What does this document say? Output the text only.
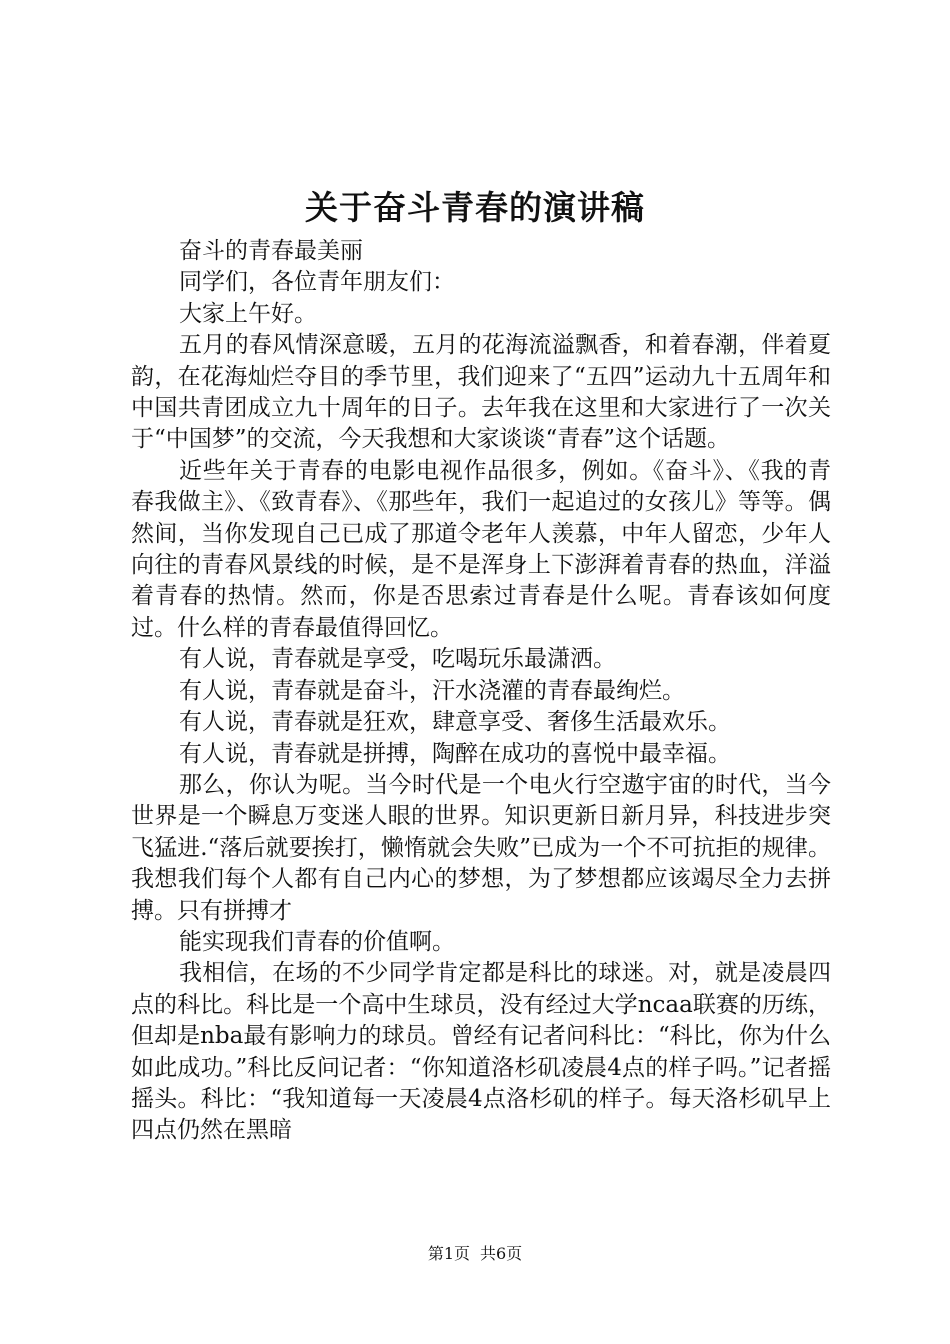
关于奋斗青春的演讲稿

奋斗的青春最美丽

同学们，各位青年朋友们：

大家上午好。

五月的春风情深意暖，五月的花海流溢飘香，和着春潮，伴着夏韵，在花海灿烂夺目的季节里，我们迎来了“五四”运动九十五周年和中国共青团成立九十周年的日子。去年我在这里和大家进行了一次关于“中国梦”的交流，今天我想和大家谈谈“青春”这个话题。

近些年关于青春的电影电视作品很多，例如。《奋斗》、《我的青春我做主》、《致青春》、《那些年，我们一起追过的女孩儿》等等。偶然间，当你发现自己已成了那道令老年人羡慕，中年人留恋，少年人向往的青春风景线的时候，是不是浑身上下澎湃着青春的热血，洋溢着青春的热情。然而，你是否思索过青春是什么呢。青春该如何度过。什么样的青春最值得回忆。

有人说，青春就是享受，吃喝玩乐最潇洒。

有人说，青春就是奋斗，汗水浇灌的青春最绚烂。

有人说，青春就是狂欢，肆意享受、奢侈生活最欢乐。

有人说，青春就是拼搏，陶醉在成功的喜悦中最幸福。

那么，你认为呢。当今时代是一个电火行空遨宇宙的时代，当今世界是一个瞬息万变迷人眼的世界。知识更新日新月异，科技进步突飞猛进.“落后就要挨打，懒惰就会失败”已成为一个不可抗拒的规律。我想我们每个人都有自己内心的梦想，为了梦想都应该竭尽全力去拼搏。只有拼搏才

能实现我们青春的价值啊。

我相信，在场的不少同学肯定都是科比的球迷。对，就是凌晨四点的科比。科比是一个高中生球员，没有经过大学ncaa联赛的历练，但却是nba最有影响力的球员。曾经有记者问科比：“科比，你为什么如此成功。”科比反问记者：“你知道洛杉矶凌晨4点的样子吗。”记者摇摇头。科比：“我知道每一天凌晨4点洛杉矶的样子。每天洛杉矶早上四点仍然在黑暗

第1页 共6页
